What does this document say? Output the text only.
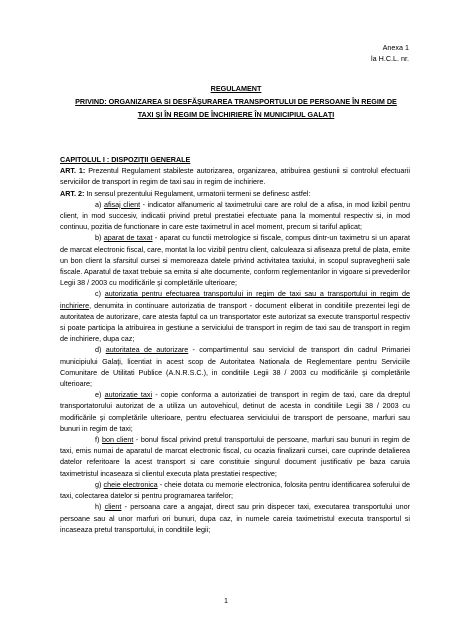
Anexa 1
la H.C.L. nr.
REGULAMENT
PRIVIND: ORGANIZAREA SI DESFĂŞURAREA TRANSPORTULUI DE PERSOANE ÎN REGIM DE
TAXI ŞI ÎN REGIM DE ÎNCHIRIERE ÎN MUNICIPIUL GALAŢI

CAPITOLUL I : DISPOZIŢII GENERALE

ART. 1: Prezentul Regulament stabileste autorizarea, organizarea, atribuirea gestiunii si controlul efectuarii serviciilor de transport in regim de taxi sau in regim de inchiriere.

ART. 2: In sensul prezentului Regulament, urmatorii termeni se definesc astfel:

a) afisaj client - indicator alfanumeric al taximetrului care are rolul de a afisa, in mod lizibil pentru client, in mod succesiv, indicatii privind pretul prestatiei efectuate pana la momentul respectiv si, in mod continuu, pozitia de functionare in care este taximetrul in acel moment, precum si tariful aplicat;

b) aparat de taxat - aparat cu functii metrologice si fiscale, compus dintr-un taximetru si un aparat de marcat electronic fiscal, care, montat la loc vizibil pentru client, calculeaza si afiseaza pretul de plata, emite un bon client la sfarsitul cursei si memoreaza datele privind activitatea taxiului, in scopul supravegherii sale fiscale. Aparatul de taxat trebuie sa emita si alte documente, conform reglementarilor in vigoare si prevederilor Legii 38 / 2003 cu modificările şi completările ulterioare;

c) autorizatia pentru efectuarea transportului in regim de taxi sau a transportului in regim de inchiriere, denumita in continuare autorizatia de transport - document eliberat in conditiile prezentei legi de autoritatea de autorizare, care atesta faptul ca un transportator este autorizat sa execute transportul respectiv si poate participa la atribuirea in gestiune a serviciului de transport in regim de taxi sau de transport in regim de inchiriere, dupa caz;

d) autoritatea de autorizare - compartimentul sau serviciul de transport din cadrul Primariei municipiului Galaţi, licentiat in acest scop de Autoritatea Nationala de Reglementare pentru Serviciile Comunitare de Utilitati Publice (A.N.R.S.C.), in conditiile Legii 38 / 2003 cu modificările şi completările ulterioare;

e) autorizatie taxi - copie conforma a autorizatiei de transport in regim de taxi, care da dreptul transportatorului autorizat de a utiliza un autovehicul, detinut de acesta in conditiile Legii 38 / 2003 cu modificările şi completările ulterioare, pentru efectuarea serviciului de transport de persoane, marfuri sau bunuri in regim de taxi;

f) bon client - bonul fiscal privind pretul transportului de persoane, marfuri sau bunuri in regim de taxi, emis numai de aparatul de marcat electronic fiscal, cu ocazia finalizarii cursei, care cuprinde detalierea datelor referitoare la acest transport si care constituie singurul document justificativ pe baza caruia taximetristul incaseaza si clientul executa plata prestatiei respective;

g) cheie electronica - cheie dotata cu memorie electronica, folosita pentru identificarea soferului de taxi, colectarea datelor si pentru programarea tarifelor;

h) client - persoana care a angajat, direct sau prin dispecer taxi, executarea transportului unor persoane sau al unor marfuri ori bunuri, dupa caz, in numele careia taximetristul executa transportul si incaseaza pretul transportului, in conditiile legii;

1
